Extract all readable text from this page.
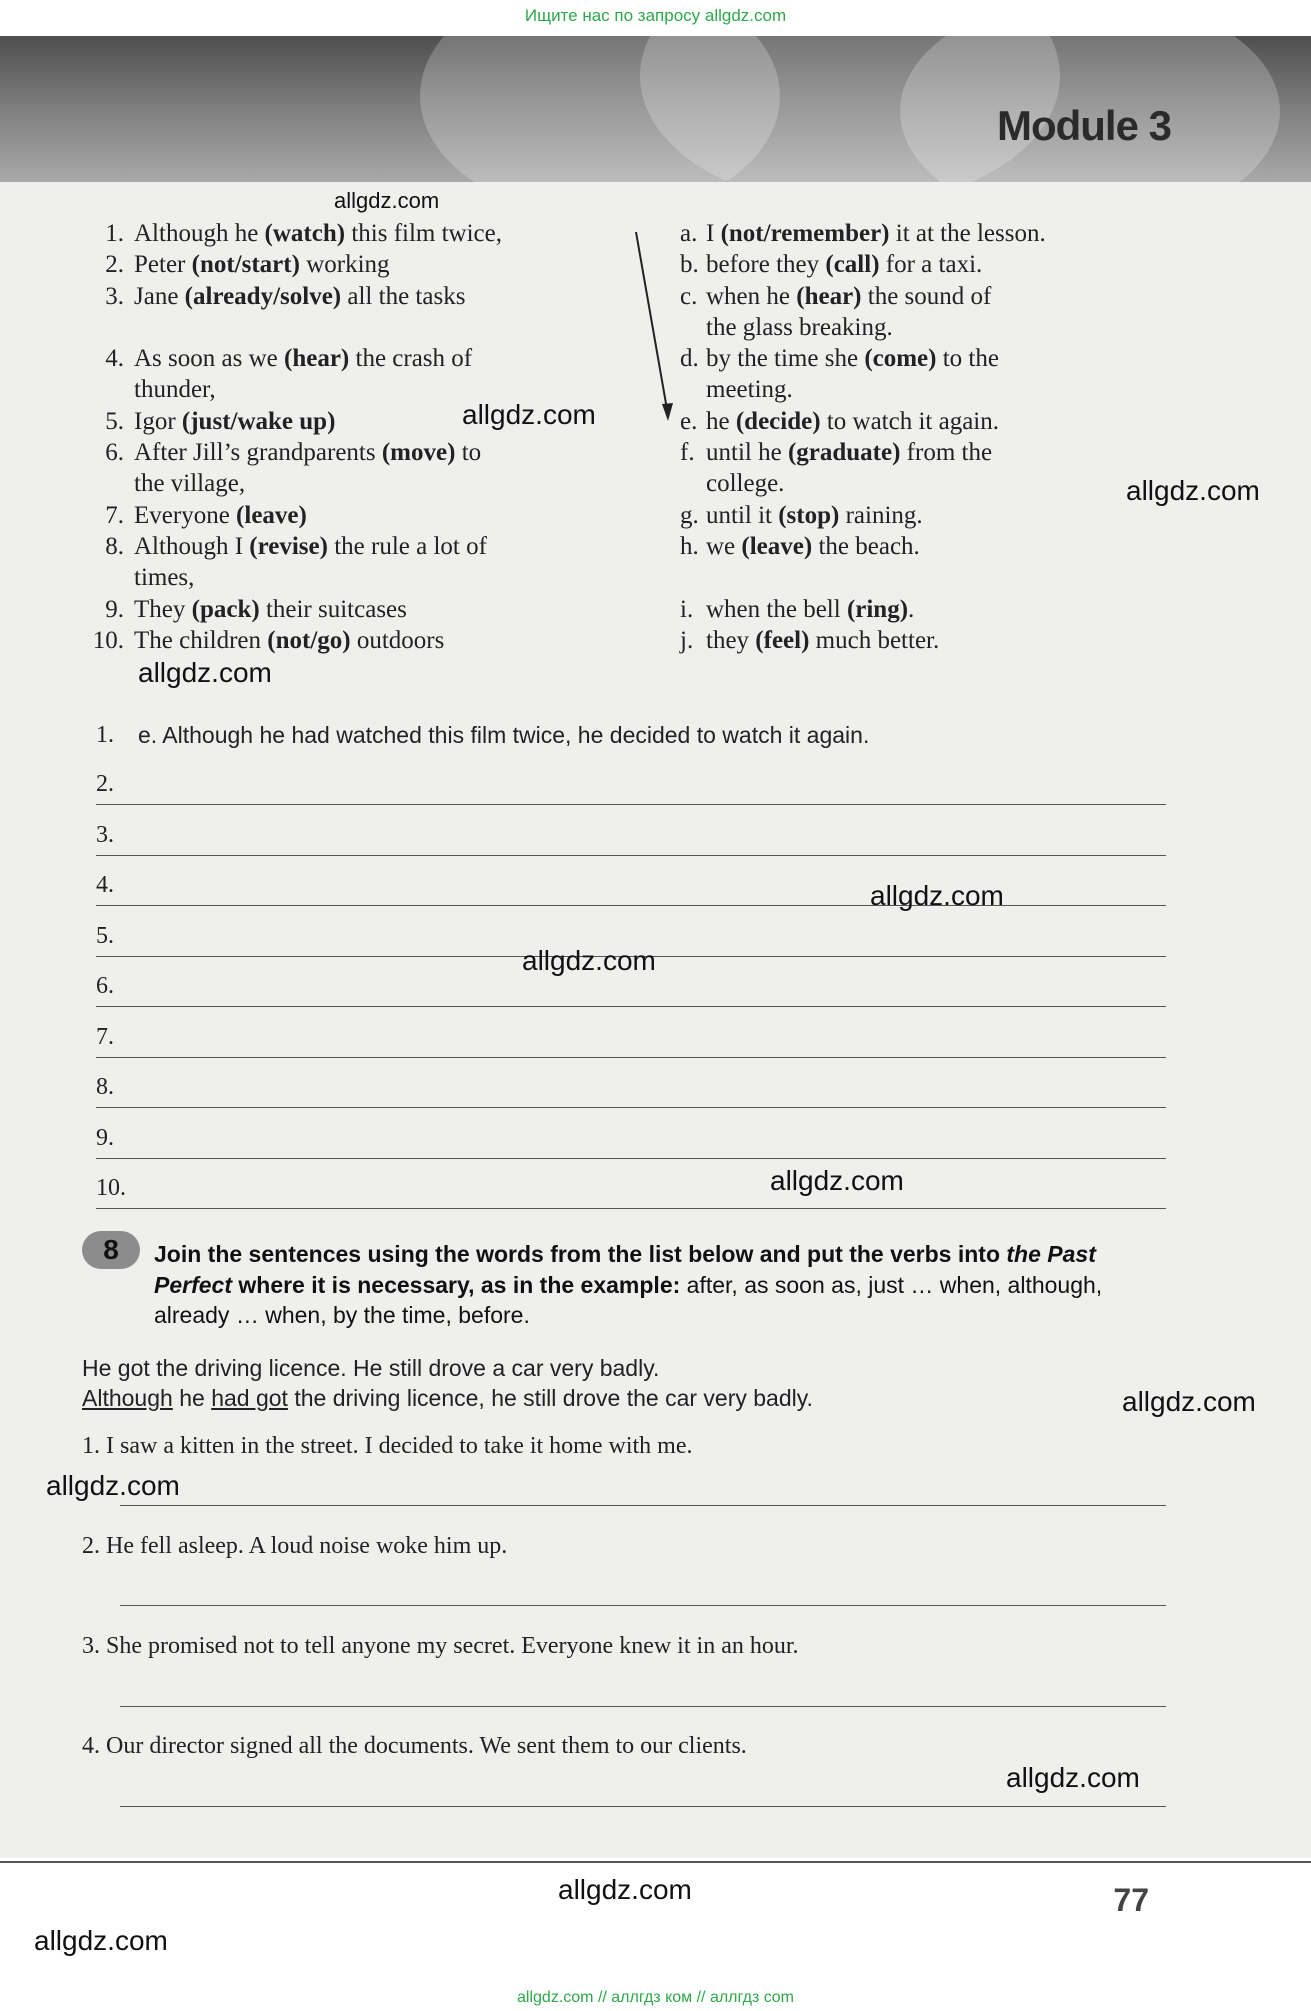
Ищите нас по запросу allgdz.com
Module 3
1. Although he (watch) this film twice,
2. Peter (not/start) working
3. Jane (already/solve) all the tasks

4. As soon as we (hear) the crash of
thunder,
5. Igor (just/wake up)
6. After Jill’s grandparents (move) to
the village,
7. Everyone (leave)
8. Although I (revise) the rule a lot of
times,
9. They (pack) their suitcases
10. The children (not/go) outdoors
a. I (not/remember) it at the lesson.
b. before they (call) for a taxi.
c. when he (hear) the sound of
the glass breaking.
d. by the time she (come) to the
meeting.
e. he (decide) to watch it again.
f. until he (graduate) from the
college.
g. until it (stop) raining.
h. we (leave) the beach.

i. when the bell (ring).
j. they (feel) much better.
1. e. Although he had watched this film twice, he decided to watch it again.
2.
3.
4.
5.
6.
7.
8.
9.
10.
8	Join the sentences using the words from the list below and put the verbs into the Past Perfect where it is necessary, as in the example: after, as soon as, just … when, although, already … when, by the time, before.
He got the driving licence. He still drove a car very badly.
Although he had got the driving licence, he still drove the car very badly.
1. I saw a kitten in the street. I decided to take it home with me.
2. He fell asleep. A loud noise woke him up.
3. She promised not to tell anyone my secret. Everyone knew it in an hour.
4. Our director signed all the documents. We sent them to our clients.
allgdz.com
allgdz.com
allgdz.com
allgdz.com
allgdz.com
allgdz.com
allgdz.com
allgdz.com
allgdz.com
allgdz.com
allgdz.com
allgdz.com
77
allgdz.com // аллгдз ком // аллгдз com
